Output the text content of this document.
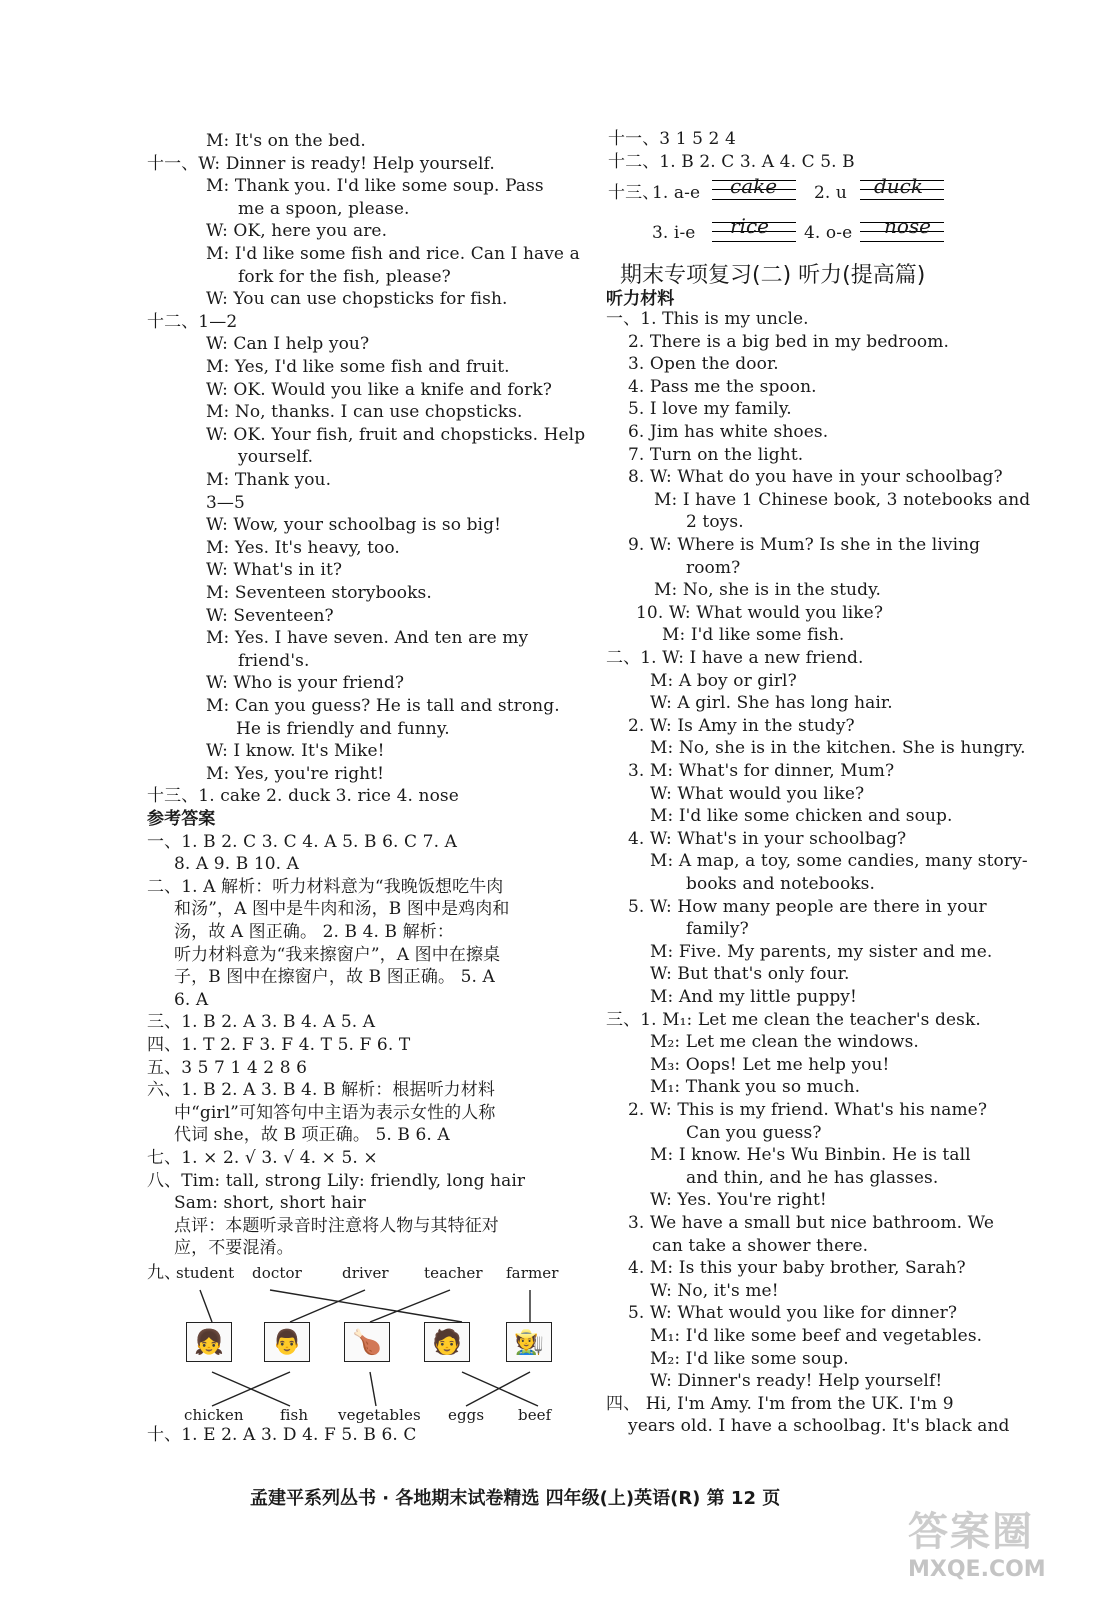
M: It's on the bed.
十一、W: Dinner is ready! Help yourself.
M: Thank you. I'd like some soup. Pass
me a spoon, please.
W: OK, here you are.
M: I'd like some fish and rice. Can I have a
fork for the fish, please?
W: You can use chopsticks for fish.
十二、1—2
W: Can I help you?
M: Yes, I'd like some fish and fruit.
W: OK. Would you like a knife and fork?
M: No, thanks. I can use chopsticks.
W: OK. Your fish, fruit and chopsticks. Help
yourself.
M: Thank you.
3—5
W: Wow, your schoolbag is so big!
M: Yes. It's heavy, too.
W: What's in it?
M: Seventeen storybooks.
W: Seventeen?
M: Yes. I have seven. And ten are my
friend's.
W: Who is your friend?
M: Can you guess? He is tall and strong.
He is friendly and funny.
W: I know. It's Mike!
M: Yes, you're right!
十三、1. cake 2. duck 3. rice 4. nose
参考答案
一、1. B 2. C 3. C 4. A 5. B 6. C 7. A
8. A 9. B 10. A
二、1. A 解析：听力材料意为“我晚饭想吃牛肉
和汤”，A 图中是牛肉和汤，B 图中是鸡肉和
汤，故 A 图正确。 2. B 4. B 解析：
听力材料意为“我来擦窗户”，A 图中在擦桌
子，B 图中在擦窗户，故 B 图正确。 5. A
6. A
三、1. B 2. A 3. B 4. A 5. A
四、1. T 2. F 3. F 4. T 5. F 6. T
五、3 5 7 1 4 2 8 6
六、1. B 2. A 3. B 4. B 解析：根据听力材料
中“girl”可知答句中主语为表示女性的人称
代词 she，故 B 项正确。 5. B 6. A
七、1. × 2. √ 3. √ 4. × 5. ×
八、Tim: tall, strong Lily: friendly, long hair
Sam: short, short hair
点评：本题听录音时注意将人物与其特征对
应，不要混淆。
九、
student doctor	driver teacher farmer
👧	👨	🍗	🧑	🧑‍🌾
chicken fish vegetables eggs beef
十、1. E 2. A 3. D 4. F 5. B 6. C
十一、3 1 5 2 4
十二、1. B 2. C 3. A 4. C 5. B
十三、
1. a-e cake 2. u duck
3. i-e rice 4. o-e nose
期末专项复习(二) 听力(提高篇)
听力材料
一、1. This is my uncle.
2. There is a big bed in my bedroom.
3. Open the door.
4. Pass me the spoon.
5. I love my family.
6. Jim has white shoes.
7. Turn on the light.
8. W: What do you have in your schoolbag?
M: I have 1 Chinese book, 3 notebooks and
2 toys.
9. W: Where is Mum? Is she in the living
room?
M: No, she is in the study.
10. W: What would you like?
M: I'd like some fish.
二、1. W: I have a new friend.
M: A boy or girl?
W: A girl. She has long hair.
2. W: Is Amy in the study?
M: No, she is in the kitchen. She is hungry.
3. M: What's for dinner, Mum?
W: What would you like?
M: I'd like some chicken and soup.
4. W: What's in your schoolbag?
M: A map, a toy, some candies, many story-
books and notebooks.
5. W: How many people are there in your
family?
M: Five. My parents, my sister and me.
W: But that's only four.
M: And my little puppy!
三、1. M₁: Let me clean the teacher's desk.
M₂: Let me clean the windows.
M₃: Oops! Let me help you!
M₁: Thank you so much.
2. W: This is my friend. What's his name?
Can you guess?
M: I know. He's Wu Binbin. He is tall
and thin, and he has glasses.
W: Yes. You're right!
3. We have a small but nice bathroom. We
can take a shower there.
4. M: Is this your baby brother, Sarah?
W: No, it's me!
5. W: What would you like for dinner?
M₁: I'd like some beef and vegetables.
M₂: I'd like some soup.
W: Dinner's ready! Help yourself!
四、 Hi, I'm Amy. I'm from the UK. I'm 9
years old. I have a schoolbag. It's black and
孟建平系列丛书 · 各地期末试卷精选 四年级(上)英语(R) 第 12 页
答案圈
MXQE.COM
